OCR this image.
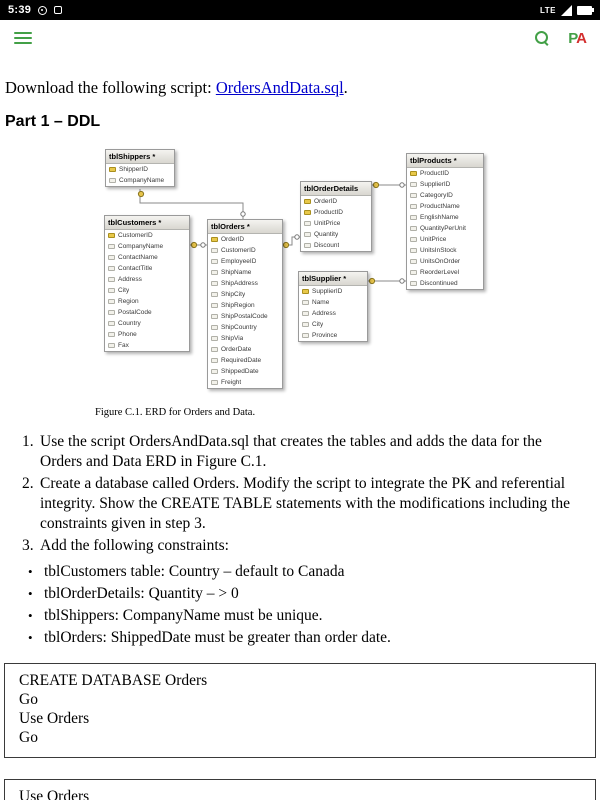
5:39	LTE
PA

Download the following script: OrdersAndData.sql.

Part 1 – DDL
tblShippers *
ShipperID
CompanyName
tblCustomers *
CustomerID
CompanyName
ContactName
ContactTitle
Address
City
Region
PostalCode
Country
Phone
Fax
tblOrders *
OrderID
CustomerID
EmployeeID
ShipName
ShipAddress
ShipCity
ShipRegion
ShipPostalCode
ShipCountry
ShipVia
OrderDate
RequiredDate
ShippedDate
Freight
tblOrderDetails
OrderID
ProductID
UnitPrice
Quantity
Discount
tblProducts *
ProductID
SupplierID
CategoryID
ProductName
EnglishName
QuantityPerUnit
UnitPrice
UnitsInStock
UnitsOnOrder
ReorderLevel
Discontinued
tblSupplier *
SupplierID
Name
Address
City
Province
Figure C.1. ERD for Orders and Data.
1. Use the script OrdersAndData.sql that creates the tables and adds the data for the Orders and Data ERD in Figure C.1.
2. Create a database called Orders. Modify the script to integrate the PK and referential integrity. Show the CREATE TABLE statements with the modifications including the constraints given in step 3.
3. Add the following constraints:
• tblCustomers table: Country – default to Canada
• tblOrderDetails: Quantity – > 0
• tblShippers: CompanyName must be unique.
• tblOrders: ShippedDate must be greater than order date.
CREATE DATABASE Orders
Go
Use Orders
Go
Use Orders
